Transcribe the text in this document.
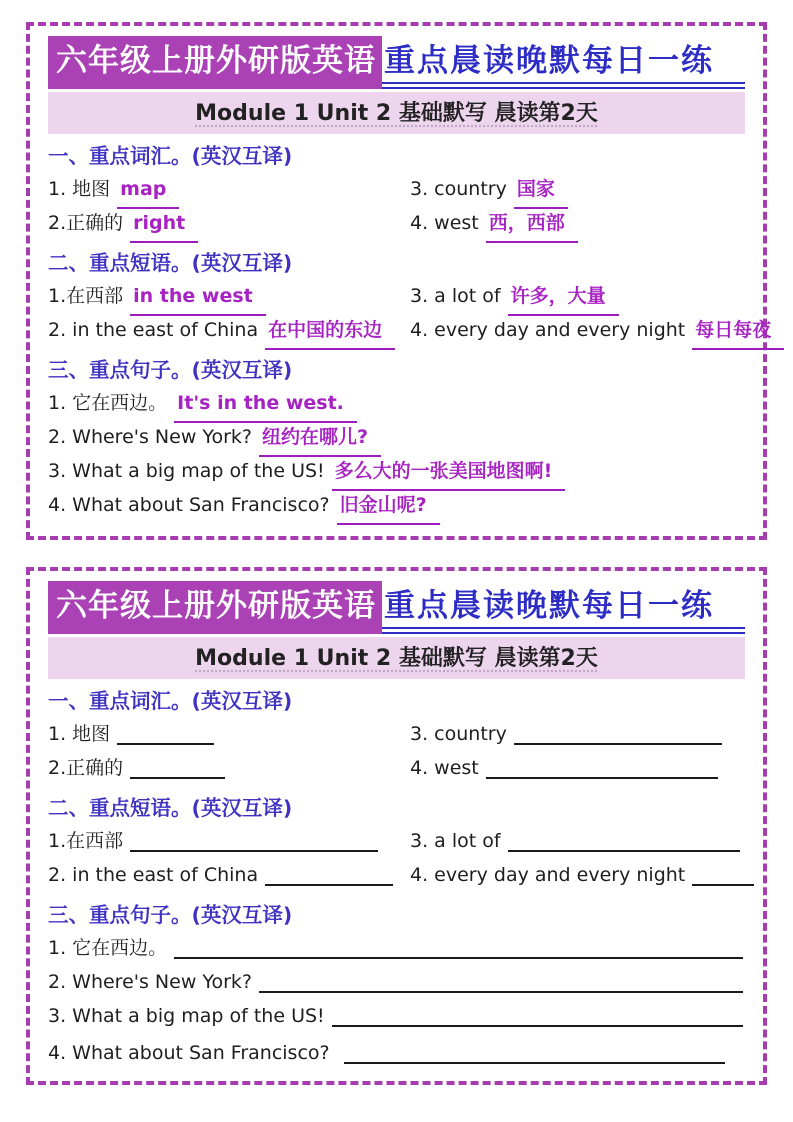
六年级上册外研版英语 重点晨读晚默每日一练
Module 1 Unit 2 基础默写 晨读第2天
一、重点词汇。(英汉互译)
1. 地图 map	3. country 国家
2.正确的 right	4. west 西，西部
二、重点短语。(英汉互译)
1.在西部 in the west	3. a lot of 许多，大量
2. in the east of China 在中国的东边	4. every day and every night 每日每夜
三、重点句子。(英汉互译)
1. 它在西边。 It's in the west.
2. Where's New York? 纽约在哪儿?
3. What a big map of the US! 多么大的一张美国地图啊!
4. What about San Francisco? 旧金山呢?
六年级上册外研版英语 重点晨读晚默每日一练
Module 1 Unit 2 基础默写 晨读第2天
一、重点词汇。(英汉互译)
1. 地图	3. country
2.正确的	4. west
二、重点短语。(英汉互译)
1.在西部	3. a lot of
2. in the east of China	4. every day and every night
三、重点句子。(英汉互译)
1. 它在西边。
2. Where's New York?
3. What a big map of the US!
4. What about San Francisco?
